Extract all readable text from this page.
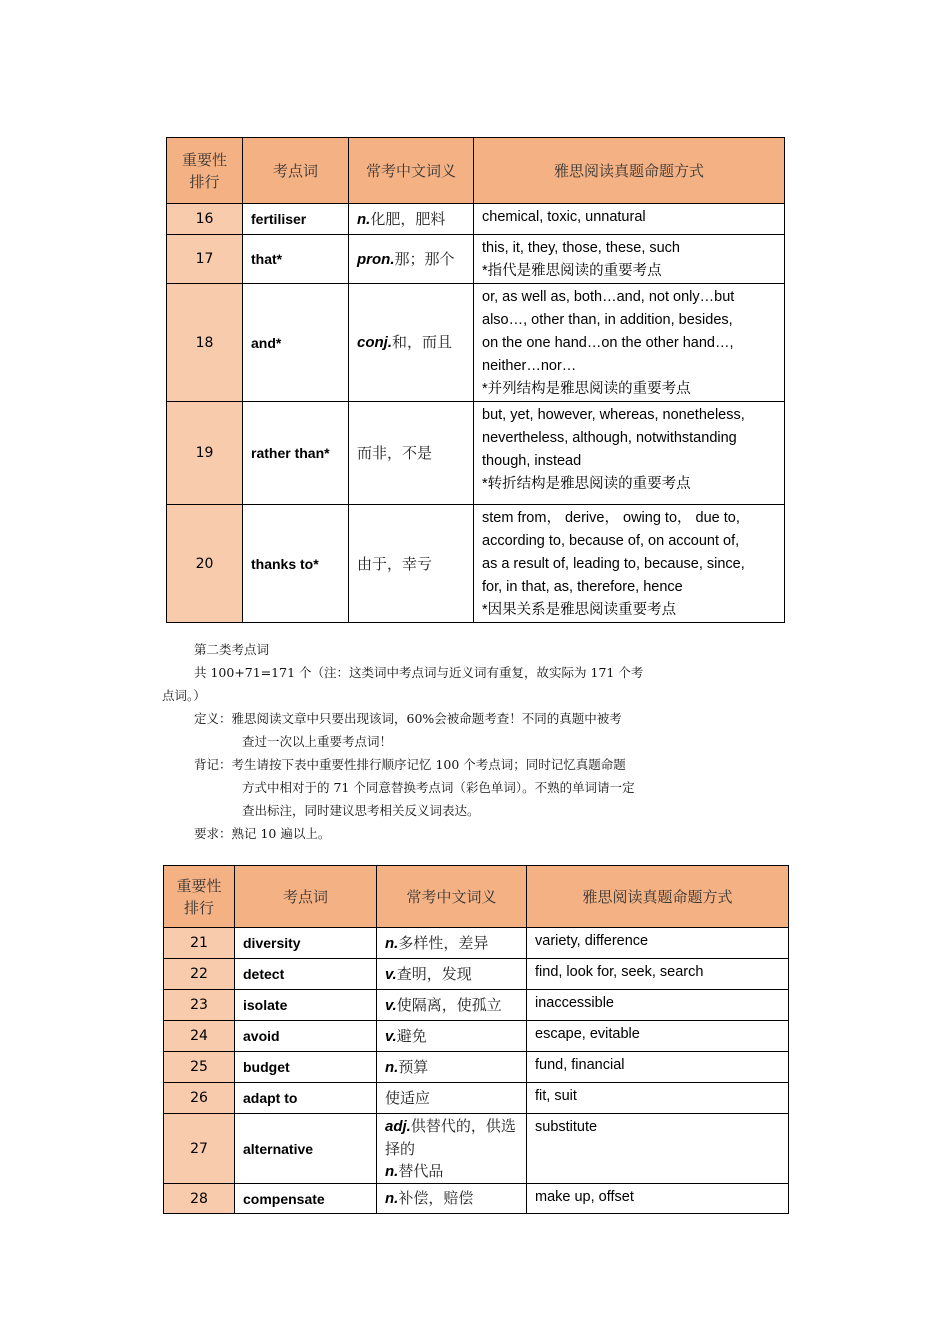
重要性
排行	考点词	常考中文词义	雅思阅读真题命题方式
16	fertiliser	n.化肥，肥料	chemical, toxic, unnatural

17	that*	pron.那；那个	this, it, they, those, these, such
*指代是雅思阅读的重要考点

18	and*	conj.和，而且	or, as well as, both…and, not only…but
also…, other than, in addition, besides,
on the one hand…on the other hand…,
neither…nor…
*并列结构是雅思阅读的重要考点

19	rather than*	而非，不是	but, yet, however, whereas, nonetheless,
nevertheless, although, notwithstanding
though, instead
*转折结构是雅思阅读的重要考点

20	thanks to*	由于，幸亏	stem from， derive， owing to， due to,
according to, because of, on account of,
as a result of, leading to, because, since,
for, in that, as, therefore, hence
*因果关系是雅思阅读重要考点

第二类考点词

共 100+71=171 个（注：这类词中考点词与近义词有重复，故实际为 171 个考

点词。）

定义：雅思阅读文章中只要出现该词，60%会被命题考查！不同的真题中被考

查过一次以上重要考点词！

背记：考生请按下表中重要性排行顺序记忆 100 个考点词；同时记忆真题命题

方式中相对于的 71 个同意替换考点词（彩色单词）。不熟的单词请一定

查出标注，同时建议思考相关反义词表达。

要求：熟记 10 遍以上。

重要性
排行	考点词	常考中文词义	雅思阅读真题命题方式
21	diversity	n.多样性，差异	variety, difference

22	detect	v.查明，发现	find, look for, seek, search

23	isolate	v.使隔离，使孤立	inaccessible

24	avoid	v.避免	escape, evitable

25	budget	n.预算	fund, financial

26	adapt to	使适应	fit, suit

27	alternative	adj.供替代的，供选择的
n.替代品	substitute

28	compensate	n.补偿，赔偿	make up, offset
